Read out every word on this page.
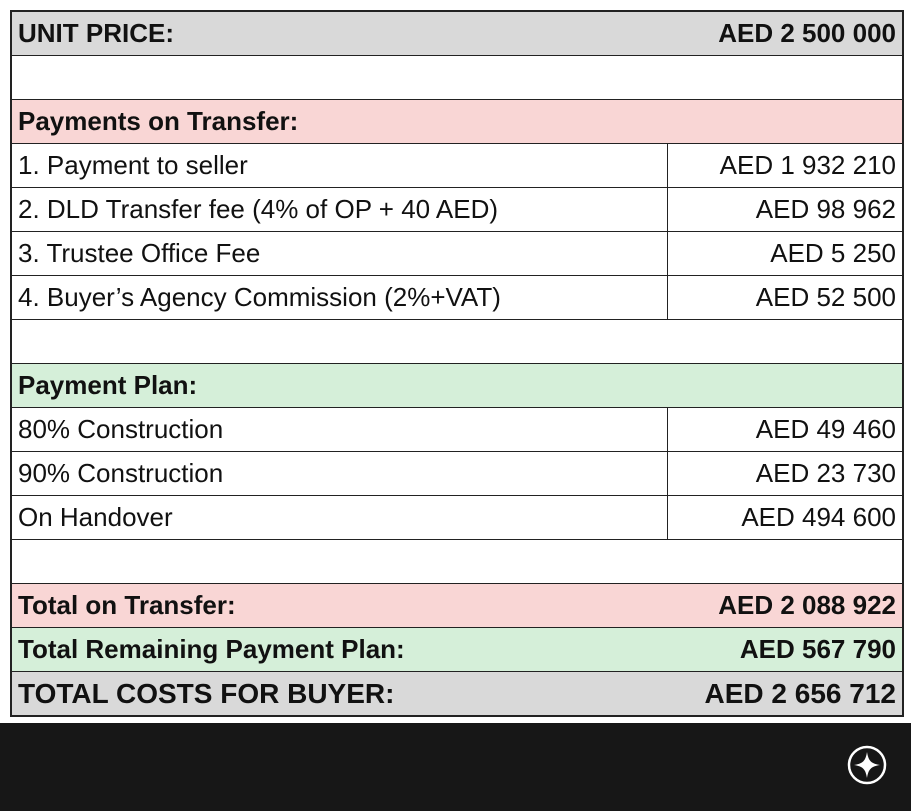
UNIT PRICE:	AED 2 500 000
Payments on Transfer:
1. Payment to seller	AED 1 932 210
2. DLD Transfer fee (4% of OP + 40 AED)	AED 98 962
3. Trustee Office Fee	AED 5 250
4. Buyer’s Agency Commission (2%+VAT)	AED 52 500
Payment Plan:
80% Construction	AED 49 460
90% Construction	AED 23 730
On Handover	AED 494 600
Total on Transfer:	AED 2 088 922
Total Remaining Payment Plan:	AED 567 790
TOTAL COSTS FOR BUYER:	AED 2 656 712
